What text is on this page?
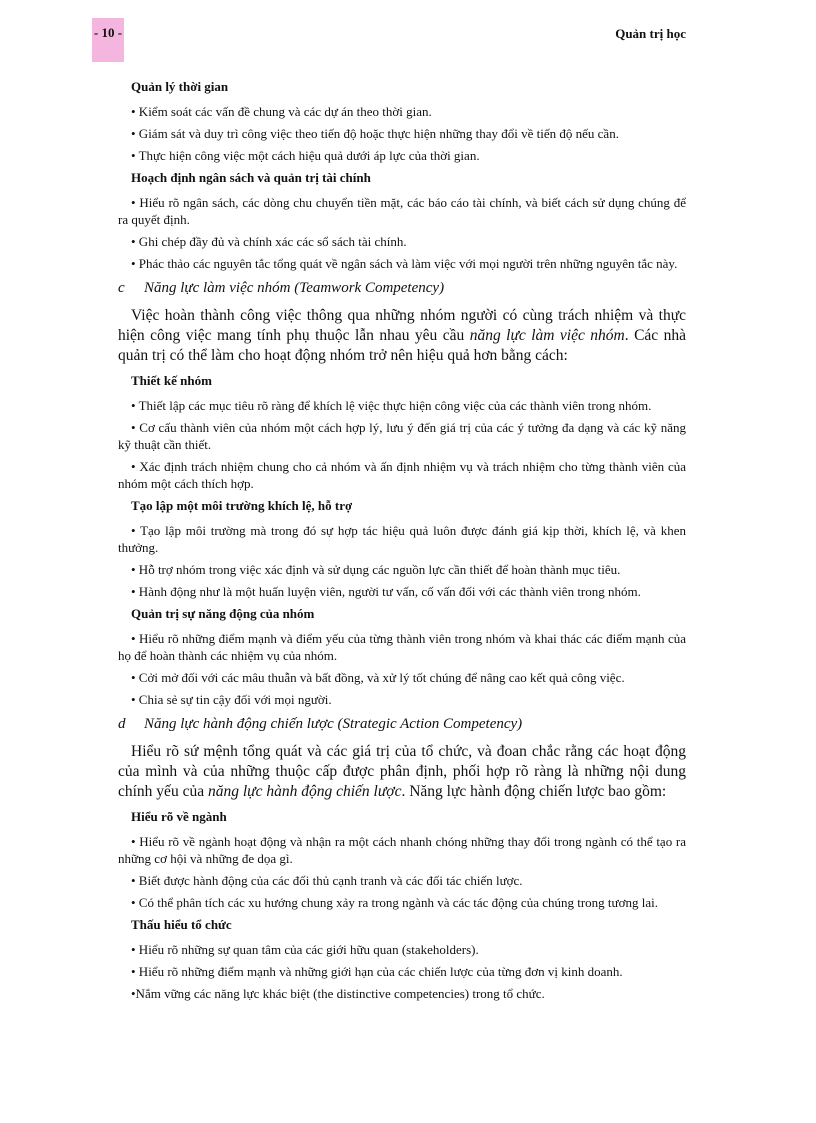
- 10 -	Quản trị học
Quản lý thời gian

• Kiểm soát các vấn đề chung và các dự án theo thời gian.

• Giám sát và duy trì công việc theo tiến độ hoặc thực hiện những thay đổi về tiến độ nếu cần.

• Thực hiện công việc một cách hiệu quả dưới áp lực của thời gian.

Hoạch định ngân sách và quản trị tài chính

• Hiểu rõ ngân sách, các dòng chu chuyển tiền mặt, các báo cáo tài chính, và biết cách sử dụng chúng để ra quyết định.

• Ghi chép đầy đủ và chính xác các sổ sách tài chính.

• Phác thảo các nguyên tắc tổng quát về ngân sách và làm việc với mọi người trên những nguyên tắc này.

c Năng lực làm việc nhóm (Teamwork Competency)

Việc hoàn thành công việc thông qua những nhóm người có cùng trách nhiệm và thực hiện công việc mang tính phụ thuộc lẫn nhau yêu cầu năng lực làm việc nhóm. Các nhà quản trị có thể làm cho hoạt động nhóm trở nên hiệu quả hơn bằng cách:

Thiết kế nhóm

• Thiết lập các mục tiêu rõ ràng để khích lệ việc thực hiện công việc của các thành viên trong nhóm.

• Cơ cấu thành viên của nhóm một cách hợp lý, lưu ý đến giá trị của các ý tưởng đa dạng và các kỹ năng kỹ thuật cần thiết.

• Xác định trách nhiệm chung cho cả nhóm và ấn định nhiệm vụ và trách nhiệm cho từng thành viên của nhóm một cách thích hợp.

Tạo lập một môi trường khích lệ, hỗ trợ

• Tạo lập môi trường mà trong đó sự hợp tác hiệu quả luôn được đánh giá kịp thời, khích lệ, và khen thưởng.

• Hỗ trợ nhóm trong việc xác định và sử dụng các nguồn lực cần thiết để hoàn thành mục tiêu.

• Hành động như là một huấn luyện viên, người tư vấn, cố vấn đối với các thành viên trong nhóm.

Quản trị sự năng động của nhóm

• Hiểu rõ những điểm mạnh và điểm yếu của từng thành viên trong nhóm và khai thác các điểm mạnh của họ để hoàn thành các nhiệm vụ của nhóm.

• Cởi mở đối với các mâu thuẫn và bất đồng, và xử lý tốt chúng để nâng cao kết quả công việc.

• Chia sẻ sự tin cậy đối với mọi người.

d Năng lực hành động chiến lược (Strategic Action Competency)

Hiểu rõ sứ mệnh tổng quát và các giá trị của tổ chức, và đoan chắc rằng các hoạt động của mình và của những thuộc cấp được phân định, phối hợp rõ ràng là những nội dung chính yếu của năng lực hành động chiến lược. Năng lực hành động chiến lược bao gồm:

Hiểu rõ về ngành

• Hiểu rõ về ngành hoạt động và nhận ra một cách nhanh chóng những thay đổi trong ngành có thể tạo ra những cơ hội và những đe dọa gì.

• Biết được hành động của các đối thủ cạnh tranh và các đối tác chiến lược.

• Có thể phân tích các xu hướng chung xảy ra trong ngành và các tác động của chúng trong tương lai.

Thấu hiểu tổ chức

• Hiểu rõ những sự quan tâm của các giới hữu quan (stakeholders).

• Hiểu rõ những điểm mạnh và những giới hạn của các chiến lược của từng đơn vị kinh doanh.

•Nắm vững các năng lực khác biệt (the distinctive competencies) trong tổ chức.
